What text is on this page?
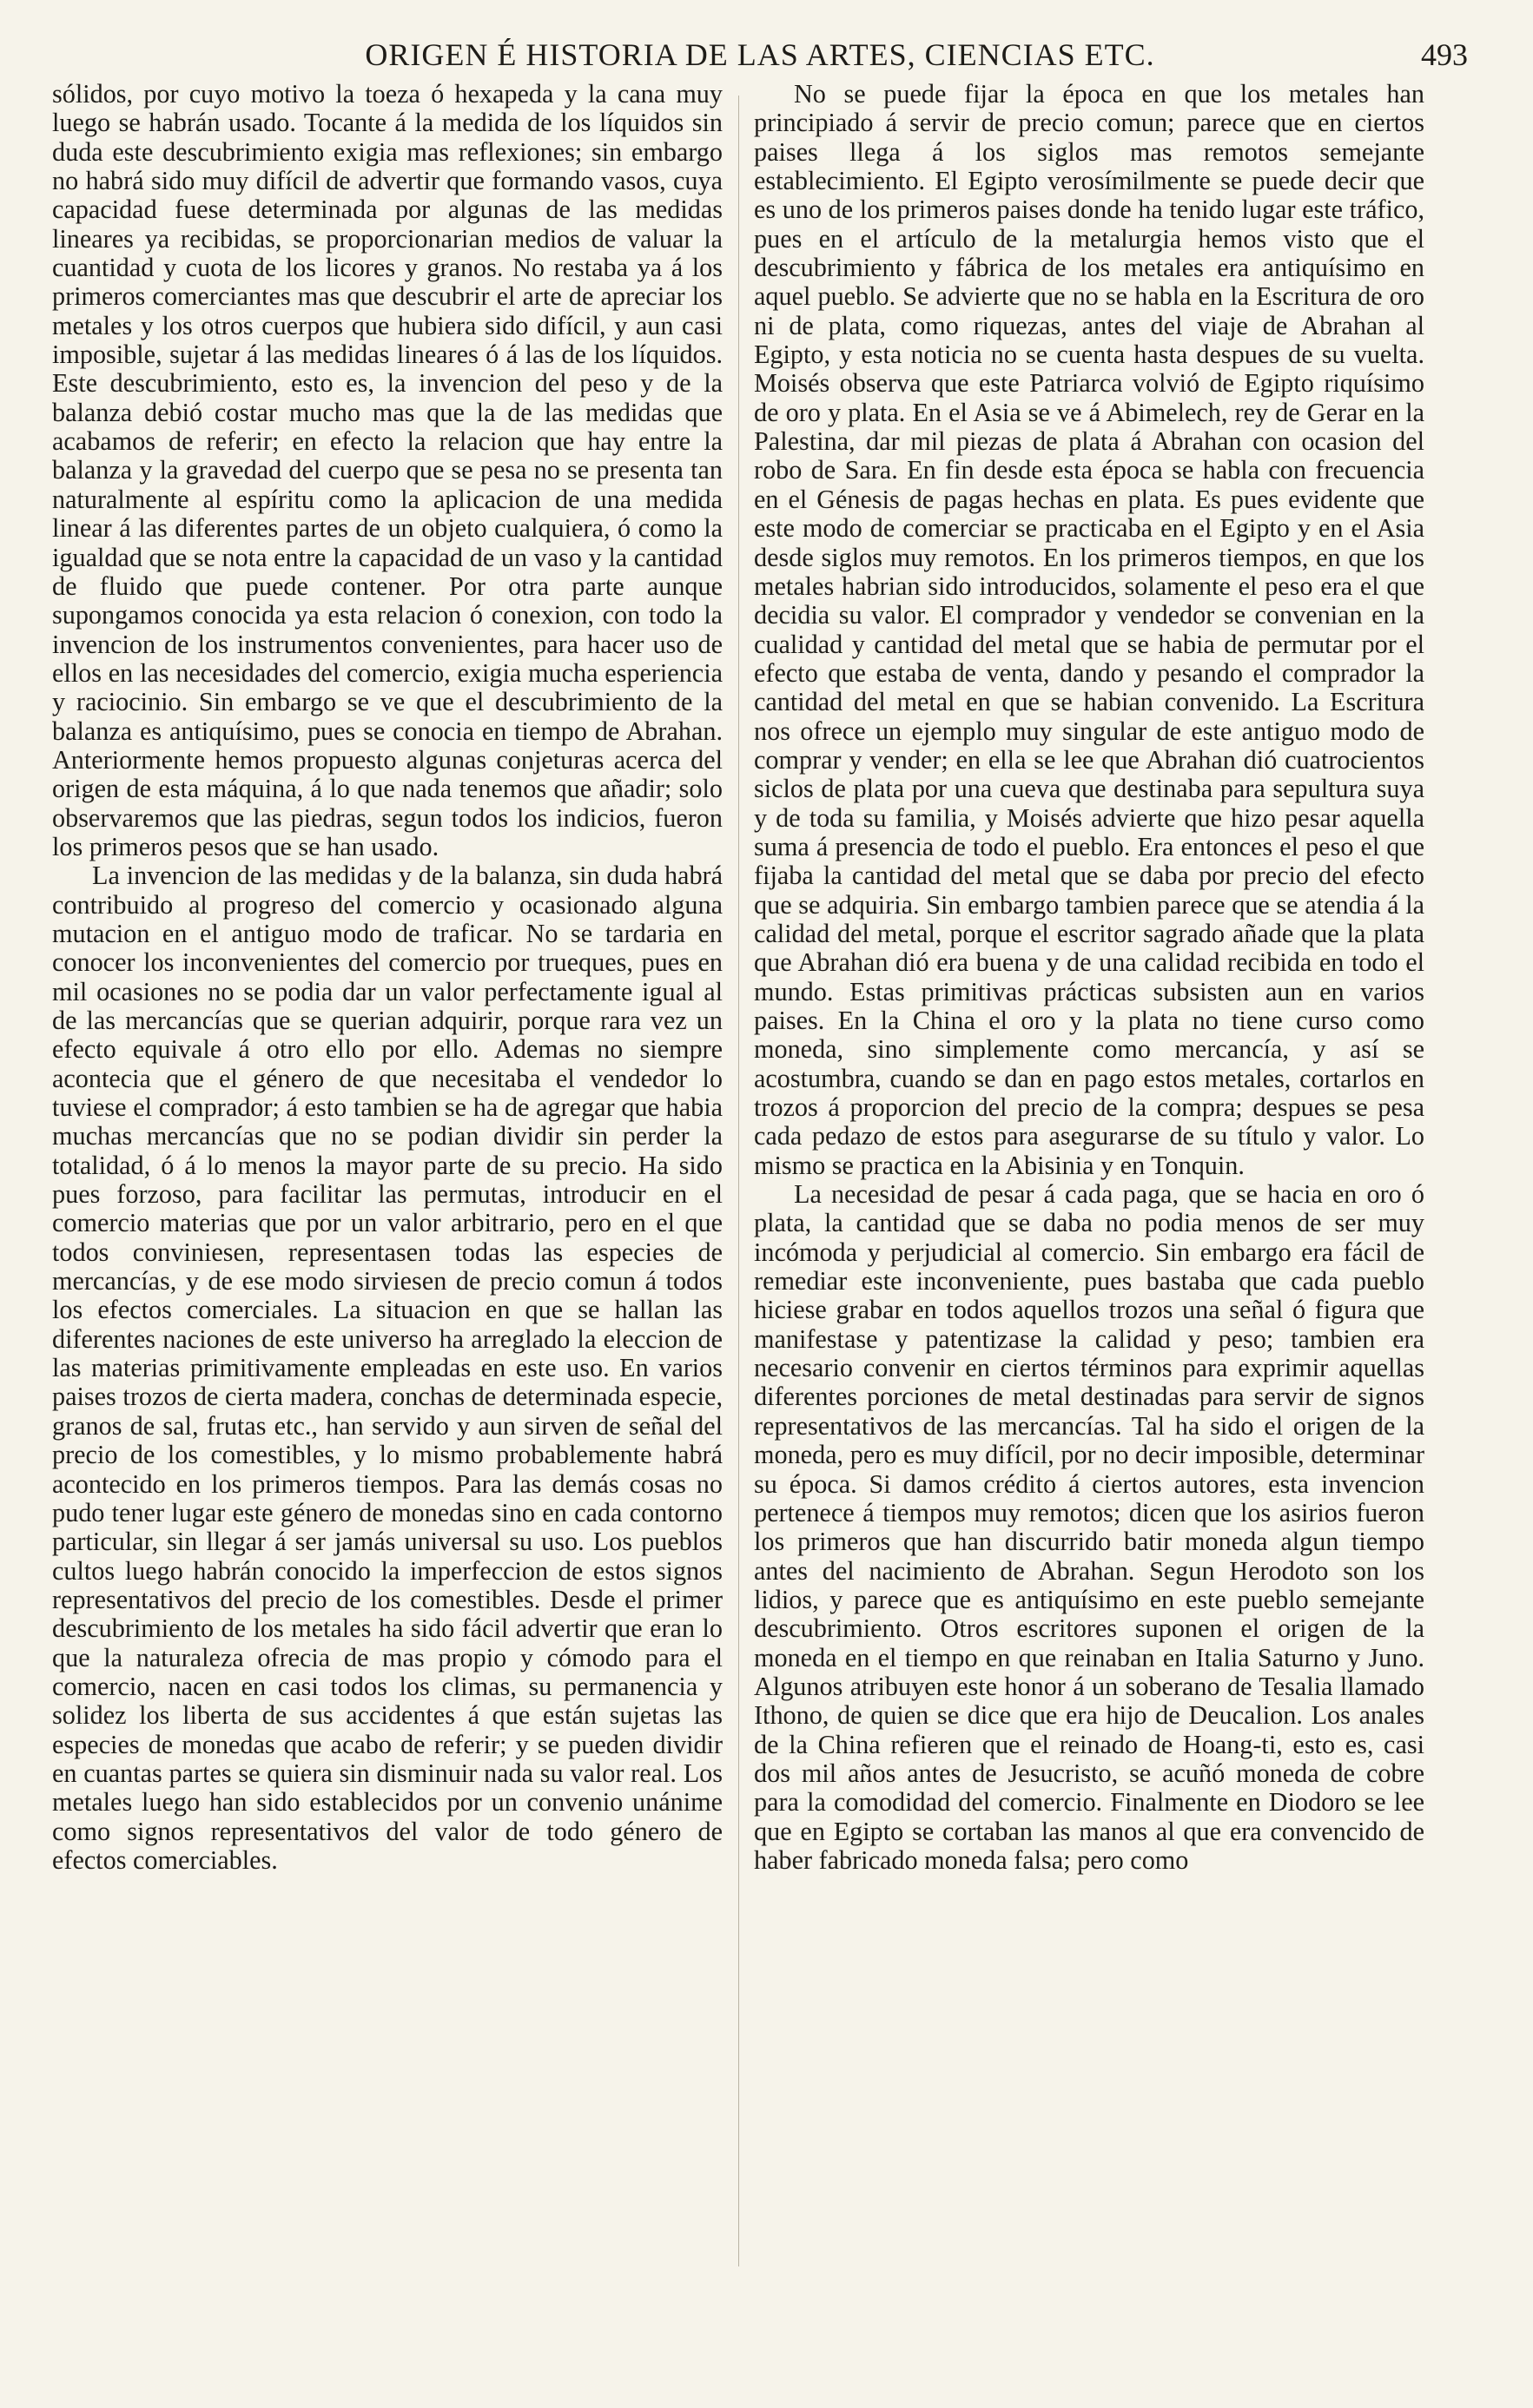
ORIGEN É HISTORIA DE LAS ARTES, CIENCIAS ETC.	493

sólidos, por cuyo motivo la toeza ó hexapeda y la cana muy luego se habrán usado. Tocante á la medida de los líquidos sin duda este descubrimiento exigia mas reflexiones; sin embargo no habrá sido muy difícil de advertir que formando vasos, cuya capacidad fuese determinada por algunas de las medidas lineares ya recibidas, se proporcionarian medios de valuar la cuantidad y cuota de los licores y granos. No restaba ya á los primeros comerciantes mas que descubrir el arte de apreciar los metales y los otros cuerpos que hubiera sido difícil, y aun casi imposible, sujetar á las medidas lineares ó á las de los líquidos. Este descubrimiento, esto es, la invencion del peso y de la balanza debió costar mucho mas que la de las medidas que acabamos de referir; en efecto la relacion que hay entre la balanza y la gravedad del cuerpo que se pesa no se presenta tan naturalmente al espíritu como la aplicacion de una medida linear á las diferentes partes de un objeto cualquiera, ó como la igualdad que se nota entre la capacidad de un vaso y la cantidad de fluido que puede contener. Por otra parte aunque supongamos conocida ya esta relacion ó conexion, con todo la invencion de los instrumentos convenientes, para hacer uso de ellos en las necesidades del comercio, exigia mucha esperiencia y raciocinio. Sin embargo se ve que el descubrimiento de la balanza es antiquísimo, pues se conocia en tiempo de Abrahan. Anteriormente hemos propuesto algunas conjeturas acerca del origen de esta máquina, á lo que nada tenemos que añadir; solo observaremos que las piedras, segun todos los indicios, fueron los primeros pesos que se han usado.

La invencion de las medidas y de la balanza, sin duda habrá contribuido al progreso del comercio y ocasionado alguna mutacion en el antiguo modo de traficar. No se tardaria en conocer los inconvenientes del comercio por trueques, pues en mil ocasiones no se podia dar un valor perfectamente igual al de las mercancías que se querian adquirir, porque rara vez un efecto equivale á otro ello por ello. Ademas no siempre acontecia que el género de que necesitaba el vendedor lo tuviese el comprador; á esto tambien se ha de agregar que habia muchas mercancías que no se podian dividir sin perder la totalidad, ó á lo menos la mayor parte de su precio. Ha sido pues forzoso, para facilitar las permutas, introducir en el comercio materias que por un valor arbitrario, pero en el que todos conviniesen, representasen todas las especies de mercancías, y de ese modo sirviesen de precio comun á todos los efectos comerciales. La situacion en que se hallan las diferentes naciones de este universo ha arreglado la eleccion de las materias primitivamente empleadas en este uso. En varios paises trozos de cierta madera, conchas de determinada especie, granos de sal, frutas etc., han servido y aun sirven de señal del precio de los comestibles, y lo mismo probablemente habrá acontecido en los primeros tiempos. Para las demás cosas no pudo tener lugar este género de monedas sino en cada contorno particular, sin llegar á ser jamás universal su uso. Los pueblos cultos luego habrán conocido la imperfeccion de estos signos representativos del precio de los comestibles. Desde el primer descubrimiento de los metales ha sido fácil advertir que eran lo que la naturaleza ofrecia de mas propio y cómodo para el comercio, nacen en casi todos los climas, su permanencia y solidez los liberta de sus accidentes á que están sujetas las especies de monedas que acabo de referir; y se pueden dividir en cuantas partes se quiera sin disminuir nada su valor real. Los metales luego han sido establecidos por un convenio unánime como signos representativos del valor de todo género de efectos comerciables.

No se puede fijar la época en que los metales han principiado á servir de precio comun; parece que en ciertos paises llega á los siglos mas remotos semejante establecimiento. El Egipto verosímilmente se puede decir que es uno de los primeros paises donde ha tenido lugar este tráfico, pues en el artículo de la metalurgia hemos visto que el descubrimiento y fábrica de los metales era antiquísimo en aquel pueblo. Se advierte que no se habla en la Escritura de oro ni de plata, como riquezas, antes del viaje de Abrahan al Egipto, y esta noticia no se cuenta hasta despues de su vuelta. Moisés observa que este Patriarca volvió de Egipto riquísimo de oro y plata. En el Asia se ve á Abimelech, rey de Gerar en la Palestina, dar mil piezas de plata á Abrahan con ocasion del robo de Sara. En fin desde esta época se habla con frecuencia en el Génesis de pagas hechas en plata. Es pues evidente que este modo de comerciar se practicaba en el Egipto y en el Asia desde siglos muy remotos. En los primeros tiempos, en que los metales habrian sido introducidos, solamente el peso era el que decidia su valor. El comprador y vendedor se convenian en la cualidad y cantidad del metal que se habia de permutar por el efecto que estaba de venta, dando y pesando el comprador la cantidad del metal en que se habian convenido. La Escritura nos ofrece un ejemplo muy singular de este antiguo modo de comprar y vender; en ella se lee que Abrahan dió cuatrocientos siclos de plata por una cueva que destinaba para sepultura suya y de toda su familia, y Moisés advierte que hizo pesar aquella suma á presencia de todo el pueblo. Era entonces el peso el que fijaba la cantidad del metal que se daba por precio del efecto que se adquiria. Sin embargo tambien parece que se atendia á la calidad del metal, porque el escritor sagrado añade que la plata que Abrahan dió era buena y de una calidad recibida en todo el mundo. Estas primitivas prácticas subsisten aun en varios paises. En la China el oro y la plata no tiene curso como moneda, sino simplemente como mercancía, y así se acostumbra, cuando se dan en pago estos metales, cortarlos en trozos á proporcion del precio de la compra; despues se pesa cada pedazo de estos para asegurarse de su título y valor. Lo mismo se practica en la Abisinia y en Tonquin.

La necesidad de pesar á cada paga, que se hacia en oro ó plata, la cantidad que se daba no podia menos de ser muy incómoda y perjudicial al comercio. Sin embargo era fácil de remediar este inconveniente, pues bastaba que cada pueblo hiciese grabar en todos aquellos trozos una señal ó figura que manifestase y patentizase la calidad y peso; tambien era necesario convenir en ciertos términos para exprimir aquellas diferentes porciones de metal destinadas para servir de signos representativos de las mercancías. Tal ha sido el origen de la moneda, pero es muy difícil, por no decir imposible, determinar su época. Si damos crédito á ciertos autores, esta invencion pertenece á tiempos muy remotos; dicen que los asirios fueron los primeros que han discurrido batir moneda algun tiempo antes del nacimiento de Abrahan. Segun Herodoto son los lidios, y parece que es antiquísimo en este pueblo semejante descubrimiento. Otros escritores suponen el origen de la moneda en el tiempo en que reinaban en Italia Saturno y Juno. Algunos atribuyen este honor á un soberano de Tesalia llamado Ithono, de quien se dice que era hijo de Deucalion. Los anales de la China refieren que el reinado de Hoang-ti, esto es, casi dos mil años antes de Jesucristo, se acuñó moneda de cobre para la comodidad del comercio. Finalmente en Diodoro se lee que en Egipto se cortaban las manos al que era convencido de haber fabricado moneda falsa; pero como
